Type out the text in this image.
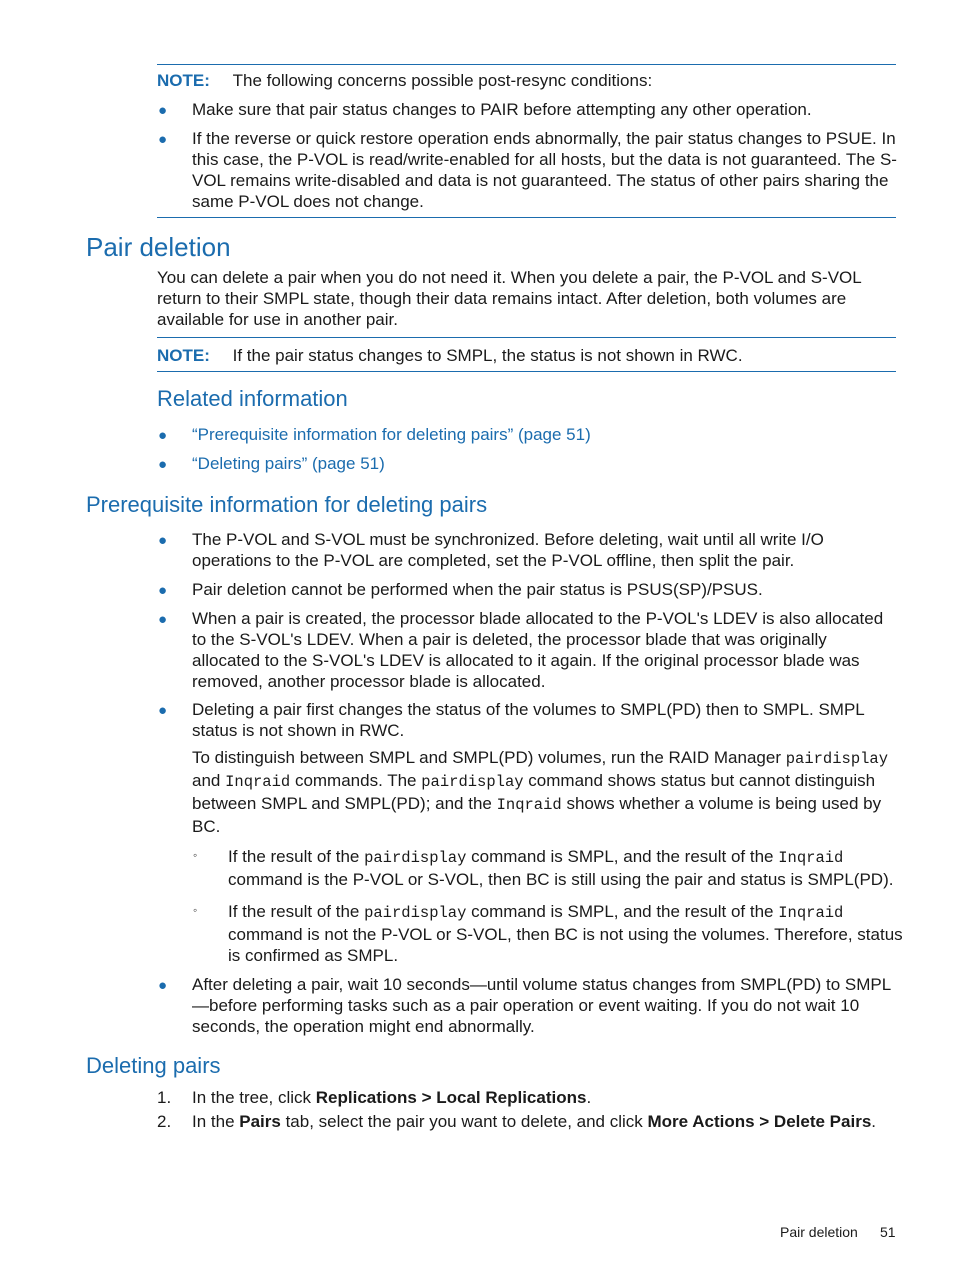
NOTE: The following concerns possible post-resync conditions:
● Make sure that pair status changes to PAIR before attempting any other operation.
● If the reverse or quick restore operation ends abnormally, the pair status changes to PSUE. In this case, the P-VOL is read/write-enabled for all hosts, but the data is not guaranteed. The S-VOL remains write-disabled and data is not guaranteed. The status of other pairs sharing the same P-VOL does not change.
Pair deletion
You can delete a pair when you do not need it. When you delete a pair, the P-VOL and S-VOL return to their SMPL state, though their data remains intact. After deletion, both volumes are available for use in another pair.
NOTE: If the pair status changes to SMPL, the status is not shown in RWC.
Related information
● “Prerequisite information for deleting pairs” (page 51)
● “Deleting pairs” (page 51)
Prerequisite information for deleting pairs
● The P-VOL and S-VOL must be synchronized. Before deleting, wait until all write I/O operations to the P-VOL are completed, set the P-VOL offline, then split the pair.
● Pair deletion cannot be performed when the pair status is PSUS(SP)/PSUS.
● When a pair is created, the processor blade allocated to the P-VOL's LDEV is also allocated to the S-VOL's LDEV. When a pair is deleted, the processor blade that was originally allocated to the S-VOL's LDEV is allocated to it again. If the original processor blade was removed, another processor blade is allocated.
● Deleting a pair first changes the status of the volumes to SMPL(PD) then to SMPL. SMPL status is not shown in RWC.
To distinguish between SMPL and SMPL(PD) volumes, run the RAID Manager pairdisplay
and Inqraid commands. The pairdisplay command shows status but cannot distinguish
between SMPL and SMPL(PD); and the Inqraid shows whether a volume is being used by
BC.
◦ If the result of the pairdisplay command is SMPL, and the result of the Inqraid
command is the P-VOL or S-VOL, then BC is still using the pair and status is SMPL(PD).
◦ If the result of the pairdisplay command is SMPL, and the result of the Inqraid
command is not the P-VOL or S-VOL, then BC is not using the volumes. Therefore, status
is confirmed as SMPL.
● After deleting a pair, wait 10 seconds—until volume status changes from SMPL(PD) to SMPL—before performing tasks such as a pair operation or event waiting. If you do not wait 10 seconds, the operation might end abnormally.
Deleting pairs
1. In the tree, click Replications > Local Replications.
2. In the Pairs tab, select the pair you want to delete, and click More Actions > Delete Pairs.
Pair deletion 51
